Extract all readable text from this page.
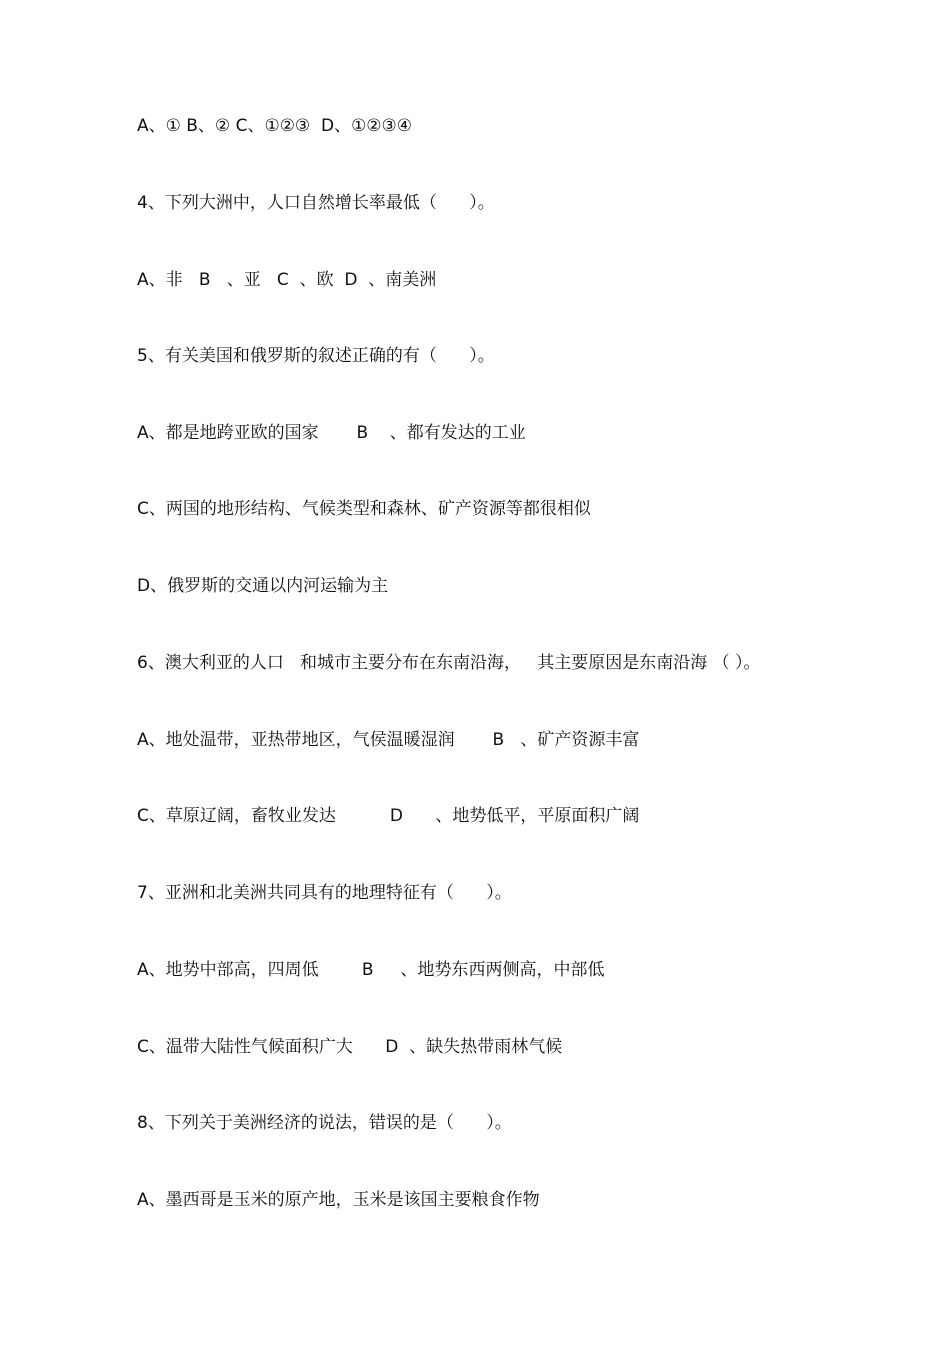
A、① B、② C、①②③  D、①②③④
4、下列大洲中，人口自然增长率最低（      ）。
A、非   B   、亚   C  、欧  D  、南美洲
5、有关美国和俄罗斯的叙述正确的有（      ）。
A、都是地跨亚欧的国家       B    、都有发达的工业
C、两国的地形结构、气候类型和森林、矿产资源等都很相似
D、俄罗斯的交通以内河运输为主
6、澳大利亚的人口   和城市主要分布在东南沿海，   其主要原因是东南沿海 （ ）。
A、地处温带，亚热带地区，气侯温暖湿润       B   、矿产资源丰富
C、草原辽阔，畜牧业发达          D      、地势低平，平原面积广阔
7、亚洲和北美洲共同具有的地理特征有（      ）。
A、地势中部高，四周低        B     、地势东西两侧高，中部低
C、温带大陆性气候面积广大      D  、缺失热带雨林气候
8、下列关于美洲经济的说法，错误的是（      ）。
A、墨西哥是玉米的原产地，玉米是该国主要粮食作物
